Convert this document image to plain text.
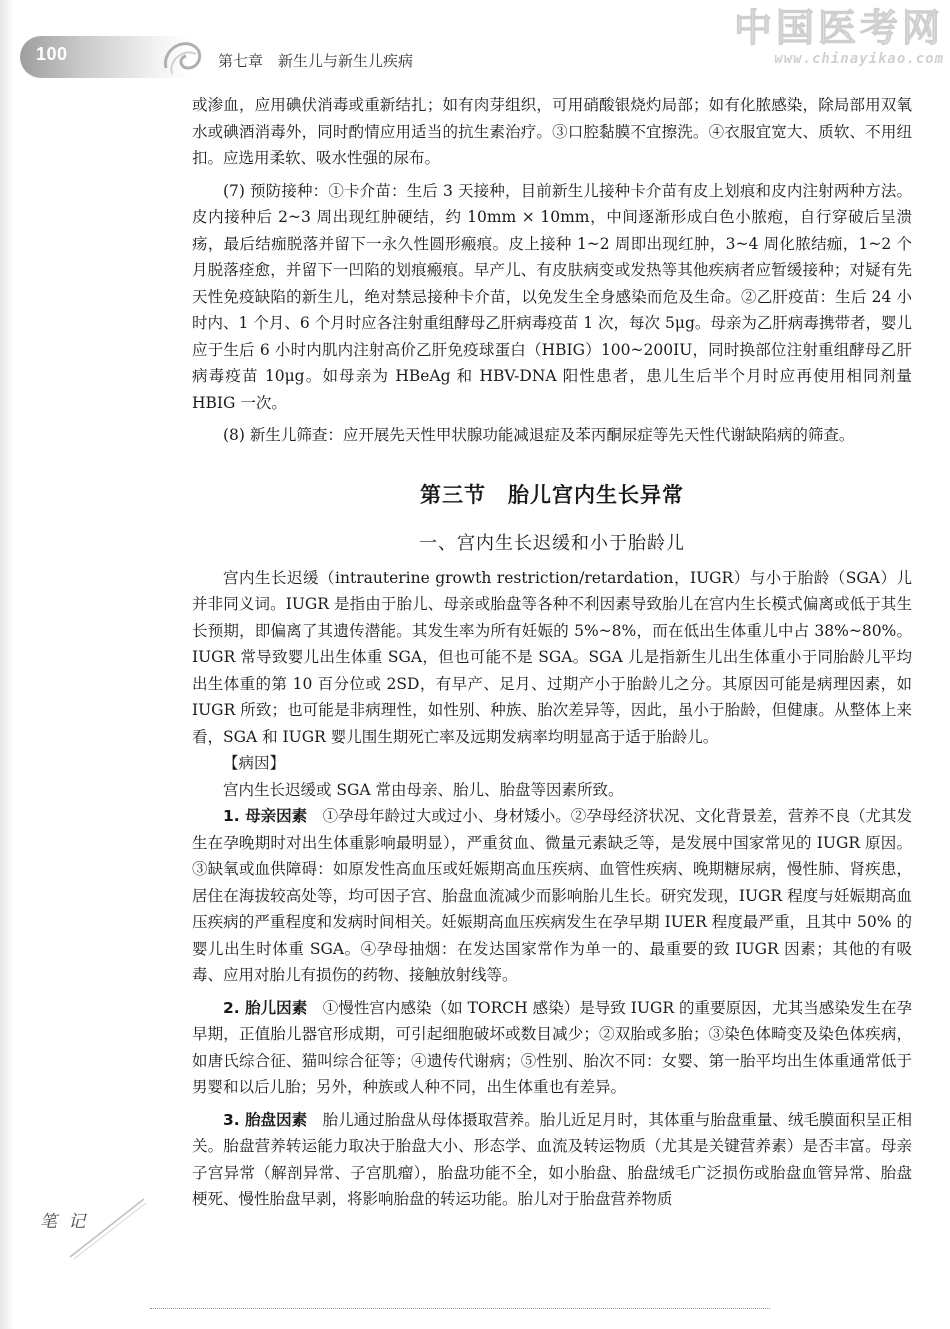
100	第七章　新生儿与新生儿疾病
中国医考网
www.chinayikao.com

或渗血，应用碘伏消毒或重新结扎；如有肉芽组织，可用硝酸银烧灼局部；如有化脓感染，除局部用双氧水或碘酒消毒外，同时酌情应用适当的抗生素治疗。③口腔黏膜不宜擦洗。④衣服宜宽大、质软、不用纽扣。应选用柔软、吸水性强的尿布。

(7) 预防接种：①卡介苗：生后 3 天接种，目前新生儿接种卡介苗有皮上划痕和皮内注射两种方法。皮内接种后 2~3 周出现红肿硬结，约 10mm × 10mm，中间逐渐形成白色小脓疱，自行穿破后呈溃疡，最后结痂脱落并留下一永久性圆形瘢痕。皮上接种 1~2 周即出现红肿，3~4 周化脓结痂，1~2 个月脱落痊愈，并留下一凹陷的划痕瘢痕。早产儿、有皮肤病变或发热等其他疾病者应暂缓接种；对疑有先天性免疫缺陷的新生儿，绝对禁忌接种卡介苗，以免发生全身感染而危及生命。②乙肝疫苗：生后 24 小时内、1 个月、6 个月时应各注射重组酵母乙肝病毒疫苗 1 次，每次 5μg。母亲为乙肝病毒携带者，婴儿应于生后 6 小时内肌内注射高价乙肝免疫球蛋白（HBIG）100~200IU，同时换部位注射重组酵母乙肝病毒疫苗 10μg。如母亲为 HBeAg 和 HBV-DNA 阳性患者，患儿生后半个月时应再使用相同剂量 HBIG 一次。

(8) 新生儿筛查：应开展先天性甲状腺功能减退症及苯丙酮尿症等先天性代谢缺陷病的筛查。

第三节　胎儿宫内生长异常
一、宫内生长迟缓和小于胎龄儿

宫内生长迟缓（intrauterine growth restriction/retardation，IUGR）与小于胎龄（SGA）儿并非同义词。IUGR 是指由于胎儿、母亲或胎盘等各种不利因素导致胎儿在宫内生长模式偏离或低于其生长预期，即偏离了其遗传潜能。其发生率为所有妊娠的 5%~8%，而在低出生体重儿中占 38%~80%。IUGR 常导致婴儿出生体重 SGA，但也可能不是 SGA。SGA 儿是指新生儿出生体重小于同胎龄儿平均出生体重的第 10 百分位或 2SD，有早产、足月、过期产小于胎龄儿之分。其原因可能是病理因素，如 IUGR 所致；也可能是非病理性，如性别、种族、胎次差异等，因此，虽小于胎龄，但健康。从整体上来看，SGA 和 IUGR 婴儿围生期死亡率及远期发病率均明显高于适于胎龄儿。

【病因】

宫内生长迟缓或 SGA 常由母亲、胎儿、胎盘等因素所致。

1. 母亲因素　 ①孕母年龄过大或过小、身材矮小。②孕母经济状况、文化背景差，营养不良（尤其发生在孕晚期时对出生体重影响最明显），严重贫血、微量元素缺乏等，是发展中国家常见的 IUGR 原因。③缺氧或血供障碍：如原发性高血压或妊娠期高血压疾病、血管性疾病、晚期糖尿病，慢性肺、肾疾患，居住在海拔较高处等，均可因子宫、胎盘血流减少而影响胎儿生长。研究发现，IUGR 程度与妊娠期高血压疾病的严重程度和发病时间相关。妊娠期高血压疾病发生在孕早期 IUER 程度最严重，且其中 50% 的婴儿出生时体重 SGA。④孕母抽烟：在发达国家常作为单一的、最重要的致 IUGR 因素；其他的有吸毒、应用对胎儿有损伤的药物、接触放射线等。

2. 胎儿因素　 ①慢性宫内感染（如 TORCH 感染）是导致 IUGR 的重要原因，尤其当感染发生在孕早期，正值胎儿器官形成期，可引起细胞破坏或数目减少；②双胎或多胎；③染色体畸变及染色体疾病，如唐氏综合征、猫叫综合征等；④遗传代谢病；⑤性别、胎次不同：女婴、第一胎平均出生体重通常低于男婴和以后儿胎；另外，种族或人种不同，出生体重也有差异。

3. 胎盘因素　 胎儿通过胎盘从母体摄取营养。胎儿近足月时，其体重与胎盘重量、绒毛膜面积呈正相关。胎盘营养转运能力取决于胎盘大小、形态学、血流及转运物质（尤其是关键营养素）是否丰富。母亲子宫异常（解剖异常、子宫肌瘤），胎盘功能不全，如小胎盘、胎盘绒毛广泛损伤或胎盘血管异常、胎盘梗死、慢性胎盘早剥，将影响胎盘的转运功能。胎儿对于胎盘营养物质

笔 记
